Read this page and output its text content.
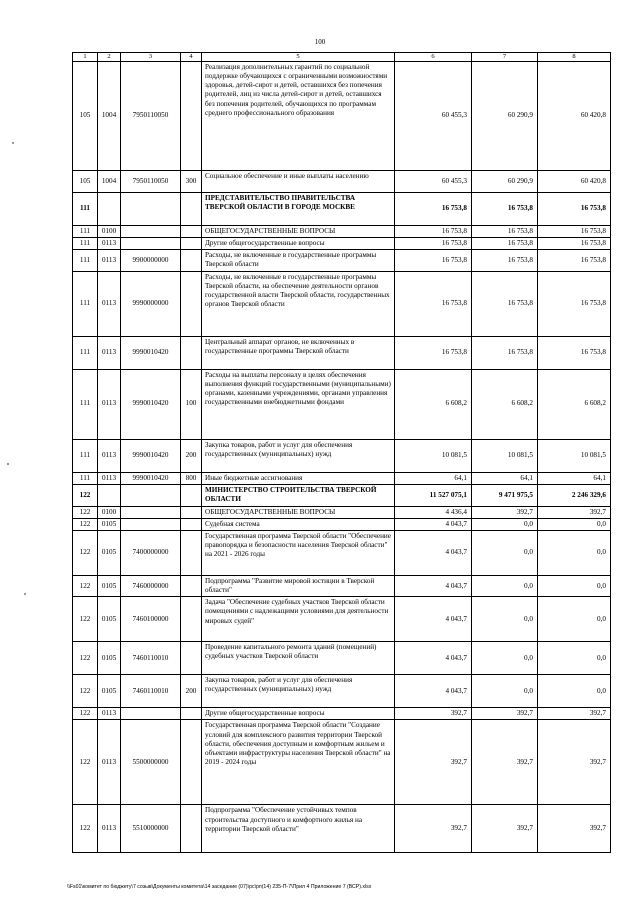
100
1	2	3	4	5	6	7	8
105	1004	7950110050		Реализация дополнительных гарантий по социальной поддержке обучающихся с ограниченными возможностями здоровья, детей-сирот и детей, оставшихся без попечения родителей, лиц из числа детей-сирот и детей, оставшихся без попечения родителей, обучающихся по программам среднего профессионального образования	60 455,3	60 290,9	60 420,8
105	1004	7950110050	300	Социальное обеспечение и иные выплаты населению	60 455,3	60 290,9	60 420,8
111				ПРЕДСТАВИТЕЛЬСТВО ПРАВИТЕЛЬСТВА ТВЕРСКОЙ ОБЛАСТИ В ГОРОДЕ МОСКВЕ	16 753,8	16 753,8	16 753,8
111	0100			ОБЩЕГОСУДАРСТВЕННЫЕ ВОПРОСЫ	16 753,8	16 753,8	16 753,8
111	0113			Другие общегосударственные вопросы	16 753,8	16 753,8	16 753,8
111	0113	9900000000		Расходы, не включенные в государственные программы Тверской области	16 753,8	16 753,8	16 753,8
111	0113	9990000000		Расходы, не включенные в государственные программы Тверской области, на обеспечение деятельности органов государственной власти Тверской области, государственных органов Тверской области	16 753,8	16 753,8	16 753,8
111	0113	9990010420		Центральный аппарат органов, не включенных в государственные программы Тверской области	16 753,8	16 753,8	16 753,8
111	0113	9990010420	100	Расходы на выплаты персоналу в целях обеспечения выполнения функций государственными (муниципальными) органами, казенными учреждениями, органами управления государственными внебюджетными фондами	6 608,2	6 608,2	6 608,2
111	0113	9990010420	200	Закупка товаров, работ и услуг для обеспечения государственных (муниципальных) нужд	10 081,5	10 081,5	10 081,5
111	0113	9990010420	800	Иные бюджетные ассигнования	64,1	64,1	64,1
122				МИНИСТЕРСТВО СТРОИТЕЛЬСТВА ТВЕРСКОЙ ОБЛАСТИ	11 527 075,1	9 471 975,5	2 246 329,6
122	0100			ОБЩЕГОСУДАРСТВЕННЫЕ ВОПРОСЫ	4 436,4	392,7	392,7
122	0105			Судебная система	4 043,7	0,0	0,0
122	0105	7400000000		Государственная программа Тверской области "Обеспечение правопорядка и безопасности населения Тверской области" на 2021 - 2026 годы	4 043,7	0,0	0,0
122	0105	7460000000		Подпрограмма "Развитие мировой юстиции в Тверской области"	4 043,7	0,0	0,0
122	0105	7460100000		Задача "Обеспечение судебных участков Тверской области помещениями с надлежащими условиями для деятельности мировых судей"	4 043,7	0,0	0,0
122	0105	7460110010		Проведение капитального ремонта зданий (помещений) судебных участков Тверской области	4 043,7	0,0	0,0
122	0105	7460110010	200	Закупка товаров, работ и услуг для обеспечения государственных (муниципальных) нужд	4 043,7	0,0	0,0
122	0113			Другие общегосударственные вопросы	392,7	392,7	392,7
122	0113	5500000000		Государственная программа Тверской области "Создание условий для комплексного развития территории Тверской области, обеспечения доступным и комфортным жильем и объектами инфраструктуры населения Тверской области" на 2019 - 2024 годы	392,7	392,7	392,7
122	0113	5510000000		Подпрограмма "Обеспечение устойчивых темпов строительства доступного и комфортного жилья на территории Тверской области"	392,7	392,7	392,7
\\Fs01\комитет по бюджету\7 созыв\Документы комитета\14 заседание (07)\рс\рп(14) 235-П-7\Прил 4 Приложение 7 (ВСР).xlsx
